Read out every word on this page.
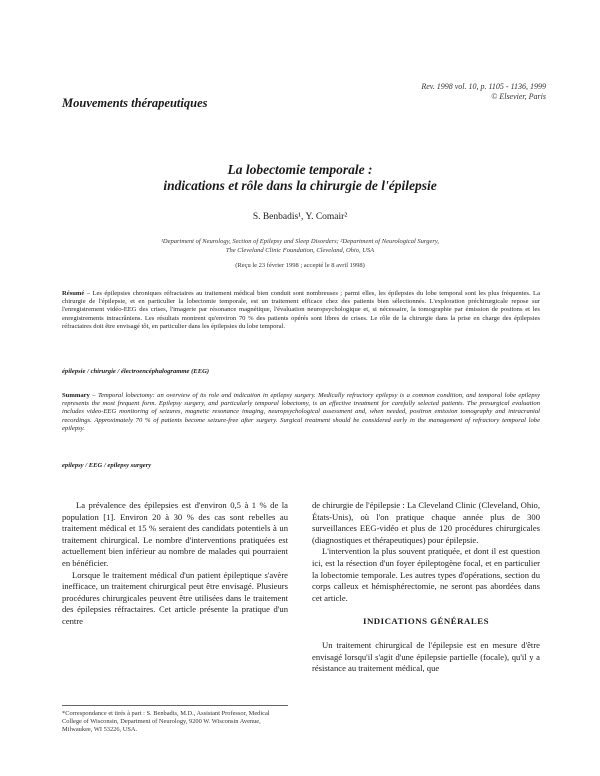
Rev. 1998 vol. 10, p. 1105 - 1136, 1999
© Elsevier, Paris
Mouvements thérapeutiques
La lobectomie temporale :
indications et rôle dans la chirurgie de l'épilepsie
S. Benbadis¹, Y. Comair²
¹Department of Neurology, Section of Epilepsy and Sleep Disorders; ²Department of Neurological Surgery,
The Cleveland Clinic Foundation, Cleveland, Ohio, USA
(Reçu le 23 février 1998 ; accepté le 8 avril 1998)
Résumé – Les épilepsies chroniques réfractaires au traitement médical bien conduit sont nombreuses ; parmi elles, les épilepsies du lobe temporal sont les plus fréquentes. La chirurgie de l'épilepsie, et en particulier la lobectomie temporale, est un traitement efficace chez des patients bien sélectionnés. L'exploration préchirurgicale repose sur l'enregistrement vidéo-EEG des crises, l'imagerie par résonance magnétique, l'évaluation neuropsychologique et, si nécessaire, la tomographie par émission de positons et les enregistrements intracrâniens. Les résultats montrent qu'environ 70 % des patients opérés sont libres de crises. Le rôle de la chirurgie dans la prise en charge des épilepsies réfractaires doit être envisagé tôt, en particulier dans les épilepsies du lobe temporal.
épilepsie / chirurgie / électroencéphalogramme (EEG)
Summary – Temporal lobectomy: an overview of its role and indication in epilepsy surgery. Medically refractory epilepsy is a common condition, and temporal lobe epilepsy represents the most frequent form. Epilepsy surgery, and particularly temporal lobectomy, is an effective treatment for carefully selected patients. The presurgical evaluation includes video-EEG monitoring of seizures, magnetic resonance imaging, neuropsychological assessment and, when needed, positron emission tomography and intracranial recordings. Approximately 70 % of patients become seizure-free after surgery. Surgical treatment should be considered early in the management of refractory temporal lobe epilepsy.
epilepsy / EEG / epilepsy surgery

La prévalence des épilepsies est d'environ 0,5 à 1 % de la population [1]. Environ 20 à 30 % des cas sont rebelles au traitement médical et 15 % seraient des candidats potentiels à un traitement chirurgical. Le nombre d'interventions pratiquées est actuellement bien inférieur au nombre de malades qui pourraient en bénéficier.

Lorsque le traitement médical d'un patient épileptique s'avère inefficace, un traitement chirurgical peut être envisagé. Plusieurs procédures chirurgicales peuvent être utilisées dans le traitement des épilepsies réfractaires. Cet article présente la pratique d'un centre

de chirurgie de l'épilepsie : La Cleveland Clinic (Cleveland, Ohio, États-Unis), où l'on pratique chaque année plus de 300 surveillances EEG-vidéo et plus de 120 procédures chirurgicales (diagnostiques et thérapeutiques) pour épilepsie.

L'intervention la plus souvent pratiquée, et dont il est question ici, est la résection d'un foyer épileptogène focal, et en particulier la lobectomie temporale. Les autres types d'opérations, section du corps calleux et hémisphérectomie, ne seront pas abordées dans cet article.

INDICATIONS GÉNÉRALES

Un traitement chirurgical de l'épilepsie est en mesure d'être envisagé lorsqu'il s'agit d'une épilepsie partielle (focale), qu'il y a résistance au traitement médical, que

*Correspondance et tirés à part : S. Benbadis, M.D., Assistant Professor, Medical College of Wisconsin, Department of Neurology, 9200 W. Wisconsin Avenue, Milwaukee, WI 53226, USA.
